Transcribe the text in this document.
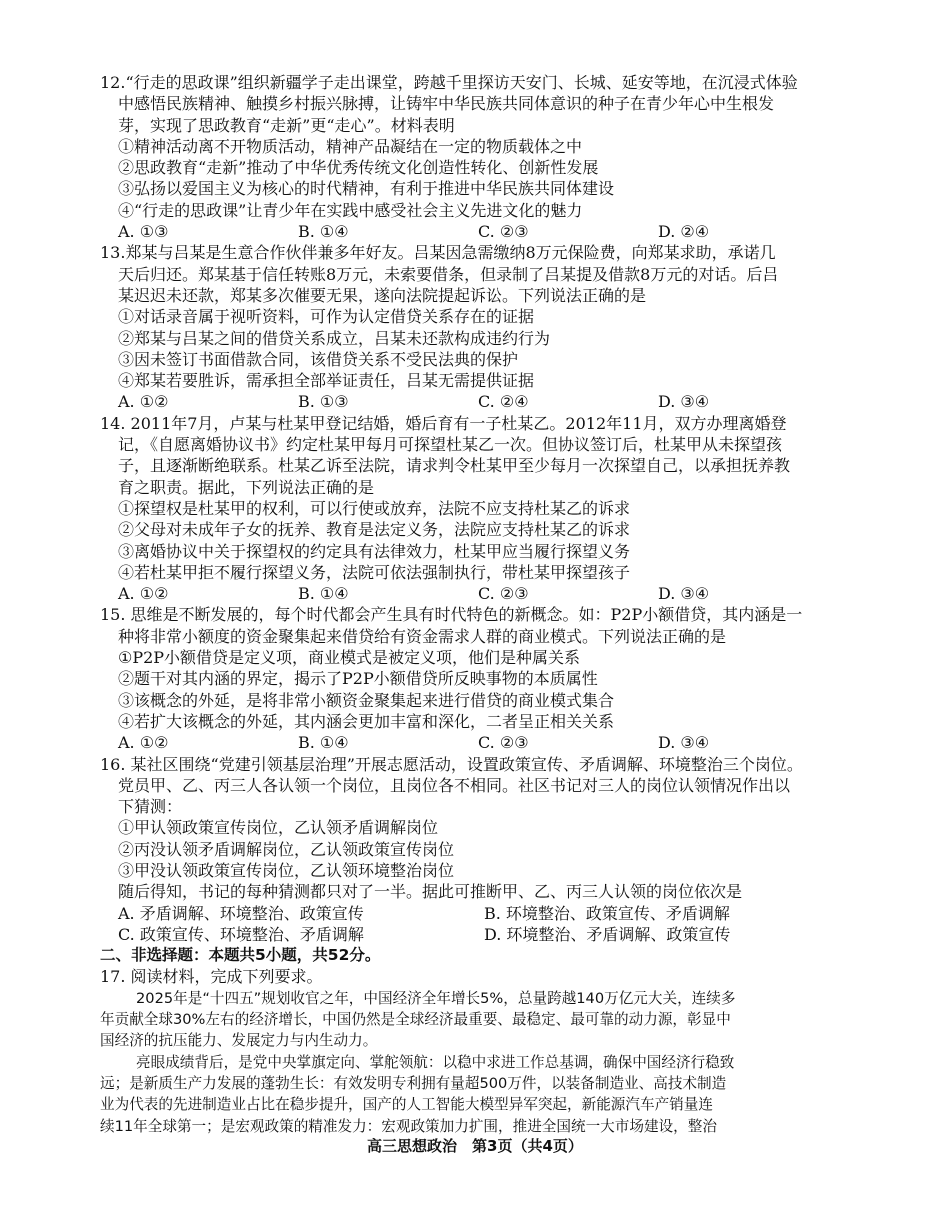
12.“行走的思政课”组织新疆学子走出课堂，跨越千里探访天安门、长城、延安等地，在沉浸式体验
中感悟民族精神、触摸乡村振兴脉搏，让铸牢中华民族共同体意识的种子在青少年心中生根发
芽，实现了思政教育“走新”更“走心”。材料表明
①精神活动离不开物质活动，精神产品凝结在一定的物质载体之中
②思政教育“走新”推动了中华优秀传统文化创造性转化、创新性发展
③弘扬以爱国主义为核心的时代精神，有利于推进中华民族共同体建设
④“行走的思政课”让青少年在实践中感受社会主义先进文化的魅力
A. ①③	B. ①④	C. ②③	D. ②④
13.郑某与吕某是生意合作伙伴兼多年好友。吕某因急需缴纳8万元保险费，向郑某求助，承诺几
天后归还。郑某基于信任转账8万元，未索要借条，但录制了吕某提及借款8万元的对话。后吕
某迟迟未还款，郑某多次催要无果，遂向法院提起诉讼。下列说法正确的是
①对话录音属于视听资料，可作为认定借贷关系存在的证据
②郑某与吕某之间的借贷关系成立，吕某未还款构成违约行为
③因未签订书面借款合同，该借贷关系不受民法典的保护
④郑某若要胜诉，需承担全部举证责任，吕某无需提供证据
A. ①②	B. ①③	C. ②④	D. ③④
14. 2011年7月，卢某与杜某甲登记结婚，婚后育有一子杜某乙。2012年11月，双方办理离婚登
记，《自愿离婚协议书》约定杜某甲每月可探望杜某乙一次。但协议签订后，杜某甲从未探望孩
子，且逐渐断绝联系。杜某乙诉至法院，请求判令杜某甲至少每月一次探望自己，以承担抚养教
育之职责。据此，下列说法正确的是
①探望权是杜某甲的权利，可以行使或放弃，法院不应支持杜某乙的诉求
②父母对未成年子女的抚养、教育是法定义务，法院应支持杜某乙的诉求
③离婚协议中关于探望权的约定具有法律效力，杜某甲应当履行探望义务
④若杜某甲拒不履行探望义务，法院可依法强制执行，带杜某甲探望孩子
A. ①②	B. ①④	C. ②③	D. ③④
15. 思维是不断发展的，每个时代都会产生具有时代特色的新概念。如：P2P小额借贷，其内涵是一
种将非常小额度的资金聚集起来借贷给有资金需求人群的商业模式。下列说法正确的是
①P2P小额借贷是定义项，商业模式是被定义项，他们是种属关系
②题干对其内涵的界定，揭示了P2P小额借贷所反映事物的本质属性
③该概念的外延，是将非常小额资金聚集起来进行借贷的商业模式集合
④若扩大该概念的外延，其内涵会更加丰富和深化，二者呈正相关关系
A. ①②	B. ①④	C. ②③	D. ③④
16. 某社区围绕“党建引领基层治理”开展志愿活动，设置政策宣传、矛盾调解、环境整治三个岗位。
党员甲、乙、丙三人各认领一个岗位，且岗位各不相同。社区书记对三人的岗位认领情况作出以
下猜测：
①甲认领政策宣传岗位，乙认领矛盾调解岗位
②丙没认领矛盾调解岗位，乙认领政策宣传岗位
③甲没认领政策宣传岗位，乙认领环境整治岗位
随后得知，书记的每种猜测都只对了一半。据此可推断甲、乙、丙三人认领的岗位依次是
A. 矛盾调解、环境整治、政策宣传	B. 环境整治、政策宣传、矛盾调解
C. 政策宣传、环境整治、矛盾调解	D. 环境整治、矛盾调解、政策宣传
二、非选择题：本题共5小题，共52分。
17. 阅读材料，完成下列要求。
2025年是“十四五”规划收官之年，中国经济全年增长5%，总量跨越140万亿元大关，连续多
年贡献全球30%左右的经济增长，中国仍然是全球经济最重要、最稳定、最可靠的动力源，彰显中
国经济的抗压能力、发展定力与内生动力。
亮眼成绩背后，是党中央掌旗定向、掌舵领航：以稳中求进工作总基调，确保中国经济行稳致
远；是新质生产力发展的蓬勃生长：有效发明专利拥有量超500万件，以装备制造业、高技术制造
业为代表的先进制造业占比在稳步提升，国产的人工智能大模型异军突起，新能源汽车产销量连
续11年全球第一；是宏观政策的精准发力：宏观政策加力扩围，推进全国统一大市场建设，整治
高三思想政治　第3页（共4页）
